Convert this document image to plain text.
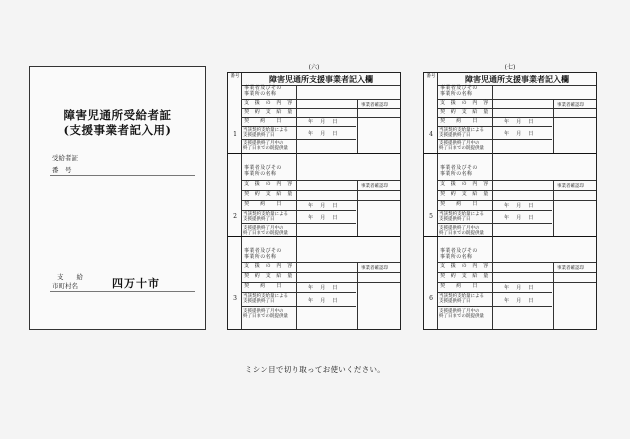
障害児通所受給者証
(支援事業者記入用)
受給者証
番　号
支　　給
市町村名	四万十市
(六)
番号	障害児通所支援事業者記入欄
1
事業者及びその
事業所の名称
支　援　の　内　容
契　約　支　給　量
契　　約　　日	年　 月　 日
当該契約支給量による
支援提供終了日	年　 月　 日
支援提供終了月中の
終了日までの既提供量
事業者確認印
2
事業者及びその
事業所の名称
支　援　の　内　容
契　約　支　給　量
契　　約　　日	年　 月　 日
当該契約支給量による
支援提供終了日	年　 月　 日
支援提供終了月中の
終了日までの既提供量
事業者確認印
3
事業者及びその
事業所の名称
支　援　の　内　容
契　約　支　給　量
契　　約　　日	年　 月　 日
当該契約支給量による
支援提供終了日	年　 月　 日
支援提供終了月中の
終了日までの既提供量
事業者確認印
(七)
番号	障害児通所支援事業者記入欄
4
事業者及びその
事業所の名称
支　援　の　内　容
契　約　支　給　量
契　　約　　日	年　 月　 日
当該契約支給量による
支援提供終了日	年　 月　 日
支援提供終了月中の
終了日までの既提供量
事業者確認印
5
事業者及びその
事業所の名称
支　援　の　内　容
契　約　支　給　量
契　　約　　日	年　 月　 日
当該契約支給量による
支援提供終了日	年　 月　 日
支援提供終了月中の
終了日までの既提供量
事業者確認印
6
事業者及びその
事業所の名称
支　援　の　内　容
契　約　支　給　量
契　　約　　日	年　 月　 日
当該契約支給量による
支援提供終了日	年　 月　 日
支援提供終了月中の
終了日までの既提供量
事業者確認印
ミシン目で切り取ってお使いください。
